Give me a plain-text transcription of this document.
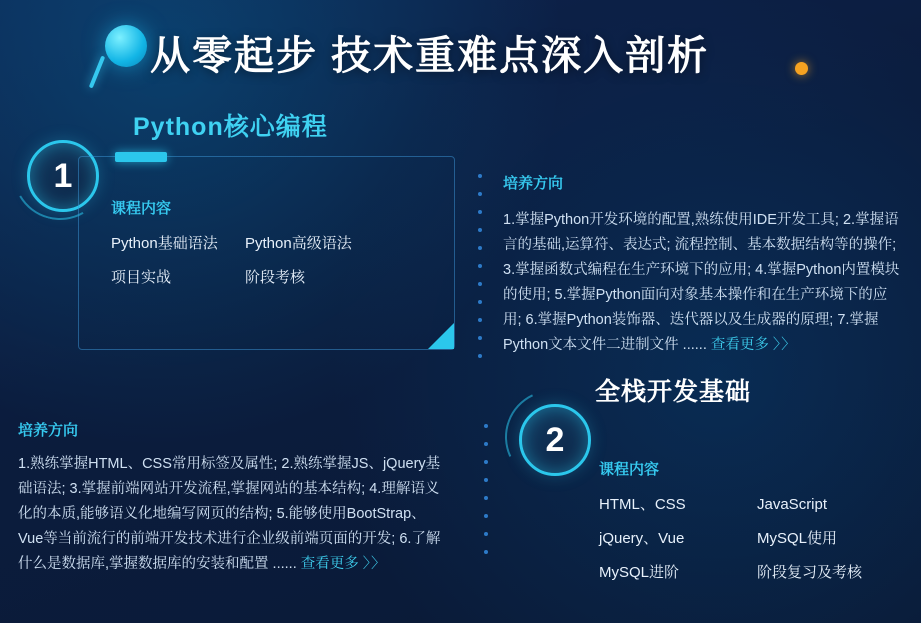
从零起步 技术重难点深入剖析
Python核心编程
1
课程内容
Python基础语法
项目实战
Python高级语法
阶段考核
培养方向
1.掌握Python开发环境的配置,熟练使用IDE开发工具; 2.掌握语言的基础,运算符、表达式; 流程控制、基本数据结构等的操作; 3.掌握函数式编程在生产环境下的应用; 4.掌握Python内置模块的使用; 5.掌握Python面向对象基本操作和在生产环境下的应用; 6.掌握Python装饰器、迭代器以及生成器的原理; 7.掌握Python文本文件二进制文件 ...... 查看更多 〉〉
全栈开发基础
2
课程内容
HTML、CSS
jQuery、Vue
MySQL进阶
JavaScript
MySQL使用
阶段复习及考核
培养方向
1.熟练掌握HTML、CSS常用标签及属性; 2.熟练掌握JS、jQuery基础语法; 3.掌握前端网站开发流程,掌握网站的基本结构; 4.理解语义化的本质,能够语义化地编写网页的结构; 5.能够使用BootStrap、Vue等当前流行的前端开发技术进行企业级前端页面的开发; 6.了解什么是数据库,掌握数据库的安装和配置 ...... 查看更多 〉〉
